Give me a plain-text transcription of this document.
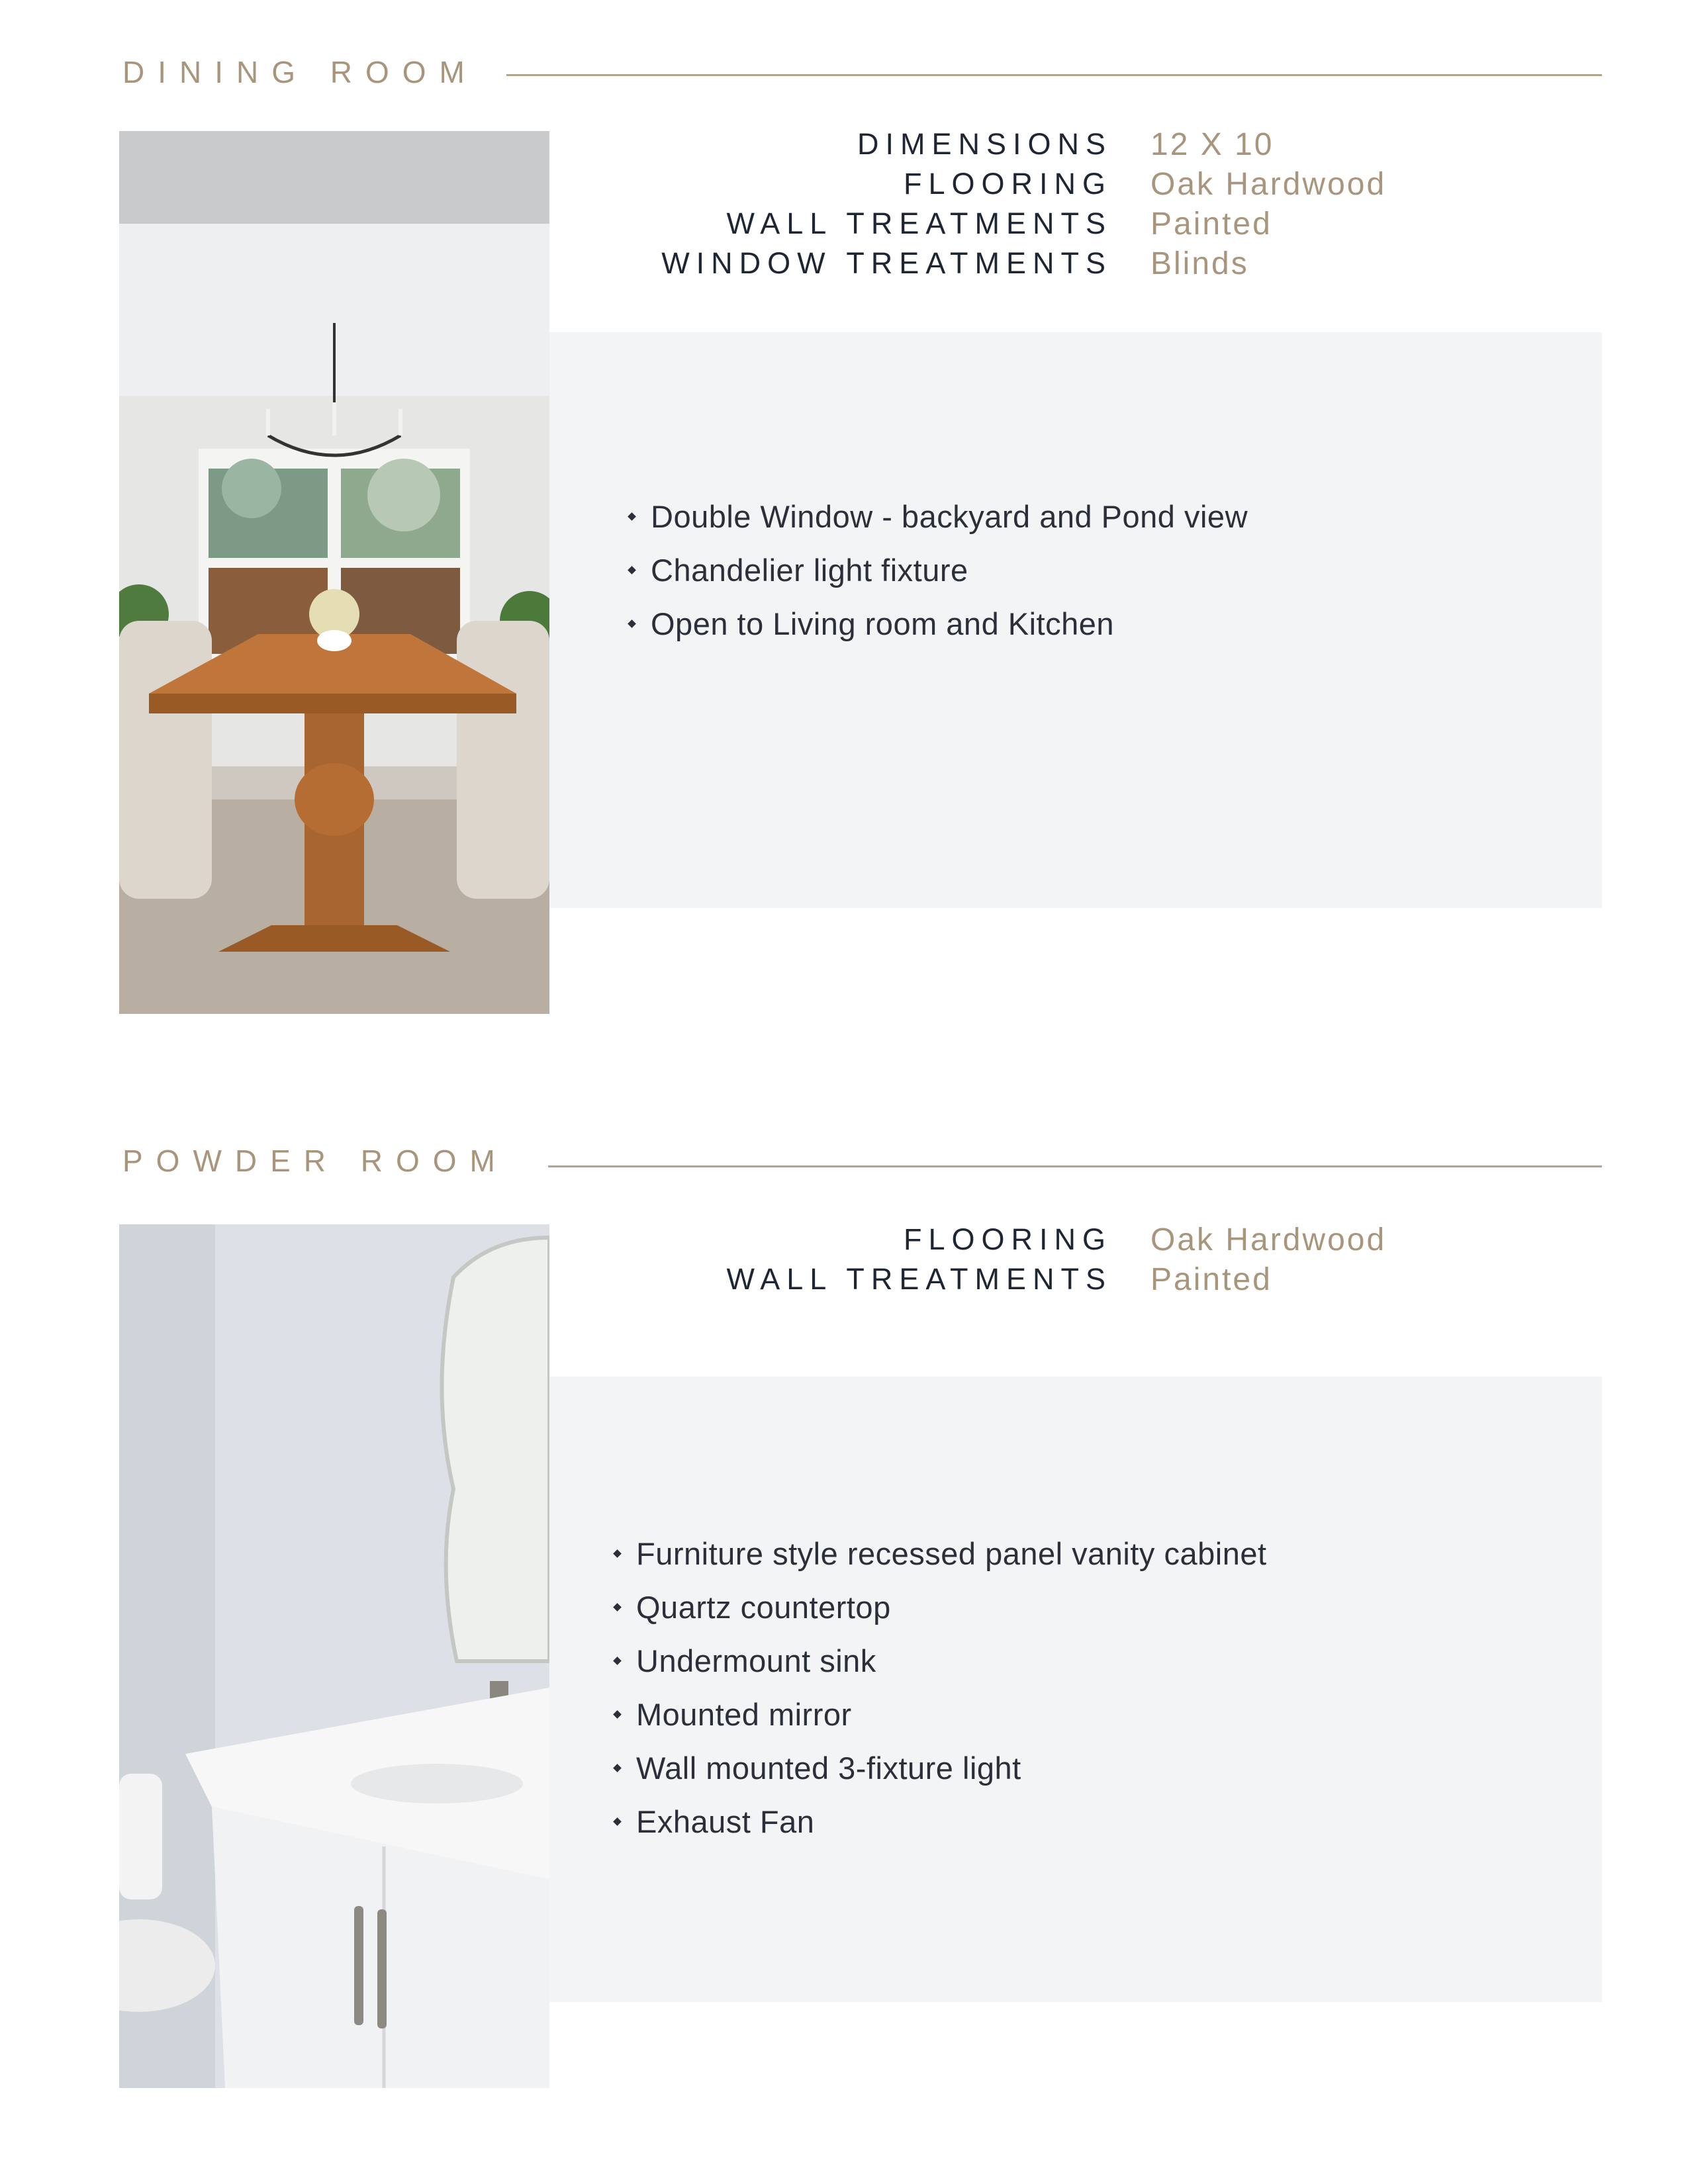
DINING ROOM
DIMENSIONS	12 X 10
FLOORING	Oak Hardwood
WALL TREATMENTS	Painted
WINDOW TREATMENTS	Blinds
Double Window - backyard and Pond view
Chandelier light fixture
Open to Living room and Kitchen
POWDER ROOM
FLOORING	Oak Hardwood
WALL TREATMENTS	Painted
Furniture style recessed panel vanity cabinet
Quartz countertop
Undermount sink
Mounted mirror
Wall mounted 3-fixture light
Exhaust Fan
